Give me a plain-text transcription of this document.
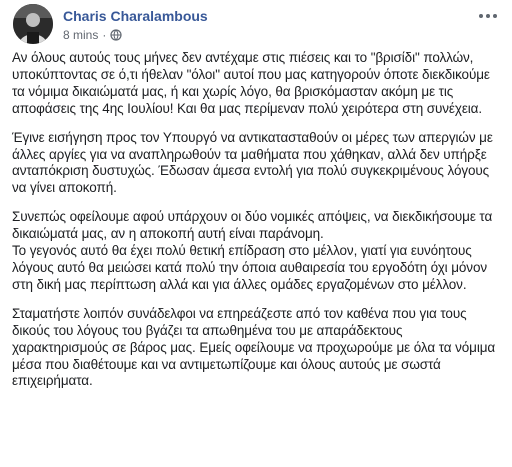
Charis Charalambous
8 mins ·

Αν όλους αυτούς τους μήνες δεν αντέχαμε στις πιέσεις και το "βρισίδι" πολλών, υποκύπτοντας σε ό,τι ήθελαν "όλοι" αυτοί που μας κατηγορούν όποτε διεκδικούμε τα νόμιμα δικαιώματά μας, ή και χωρίς λόγο, θα βρισκόμασταν ακόμη με τις αποφάσεις της 4ης Ιουλίου! Και θα μας περίμεναν πολύ χειρότερα στη συνέχεια.

Έγινε εισήγηση προς τον Υπουργό να αντικατασταθούν οι μέρες των απεργιών με άλλες αργίες για να αναπληρωθούν τα μαθήματα που χάθηκαν, αλλά δεν υπήρξε ανταπόκριση δυστυχώς. Έδωσαν άμεσα εντολή για πολύ συγκεκριμένους λόγους να γίνει αποκοπή.

Συνεπώς οφείλουμε αφού υπάρχουν οι δύο νομικές απόψεις, να διεκδικήσουμε τα δικαιώματά μας, αν η αποκοπή αυτή είναι παράνομη.

Το γεγονός αυτό θα έχει πολύ θετική επίδραση στο μέλλον, γιατί για ευνόητους λόγους αυτό θα μειώσει κατά πολύ την όποια αυθαιρεσία του εργοδότη όχι μόνον στη δική μας περίπτωση αλλά και για άλλες ομάδες εργαζομένων στο μέλλον.

Σταματήστε λοιπόν συνάδελφοι να επηρεάζεστε από τον καθένα που για τους δικούς του λόγους του βγάζει τα απωθημένα του με απαράδεκτους χαρακτηρισμούς σε βάρος μας. Εμείς οφείλουμε να προχωρούμε με όλα τα νόμιμα μέσα που διαθέτουμε και να αντιμετωπίζουμε και όλους αυτούς με σωστά επιχειρήματα.
